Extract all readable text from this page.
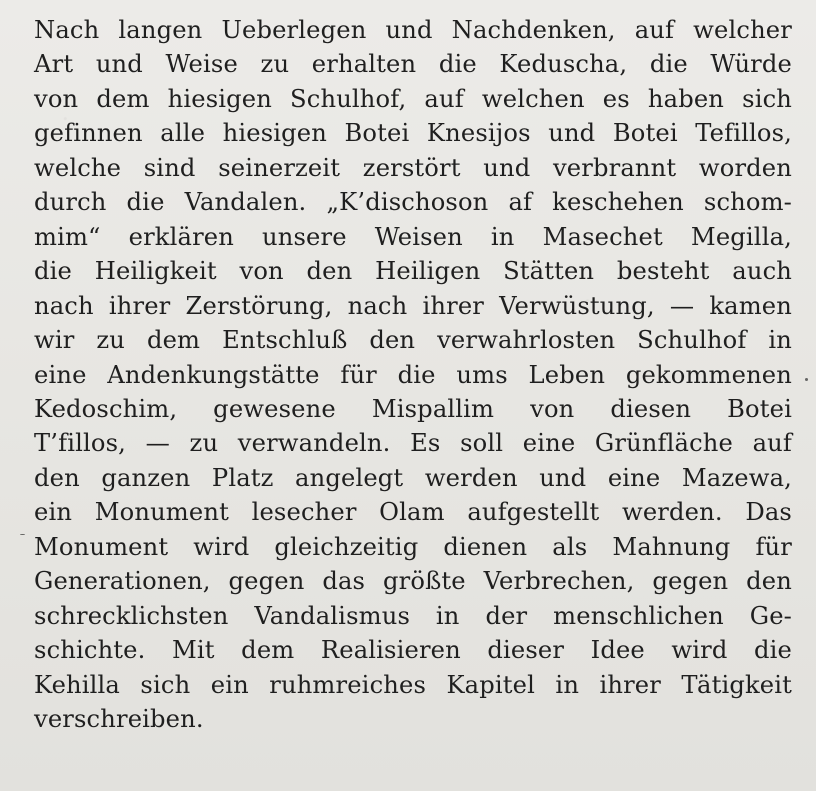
Nach langen Ueberlegen und Nachdenken, auf welcher
Art und Weise zu erhalten die Keduscha, die Würde
von dem hiesigen Schulhof, auf welchen es haben sich
gefinnen alle hiesigen Botei Knesijos und Botei Tefillos,
welche sind seinerzeit zerstört und verbrannt worden
durch die Vandalen. „K’dischoson af keschehen schom-
mim“ erklären unsere Weisen in Masechet Megilla,
die Heiligkeit von den Heiligen Stätten besteht auch
nach ihrer Zerstörung, nach ihrer Verwüstung, — kamen
wir zu dem Entschluß den verwahrlosten Schulhof in
eine Andenkungstätte für die ums Leben gekommenen
Kedoschim, gewesene Mispallim von diesen Botei
T’fillos, — zu verwandeln. Es soll eine Grünfläche auf
den ganzen Platz angelegt werden und eine Mazewa,
ein Monument lesecher Olam aufgestellt werden. Das
Monument wird gleichzeitig dienen als Mahnung für
Generationen, gegen das größte Verbrechen, gegen den
schrecklichsten Vandalismus in der menschlichen Ge-
schichte. Mit dem Realisieren dieser Idee wird die
Kehilla sich ein ruhmreiches Kapitel in ihrer Tätigkeit
verschreiben.
